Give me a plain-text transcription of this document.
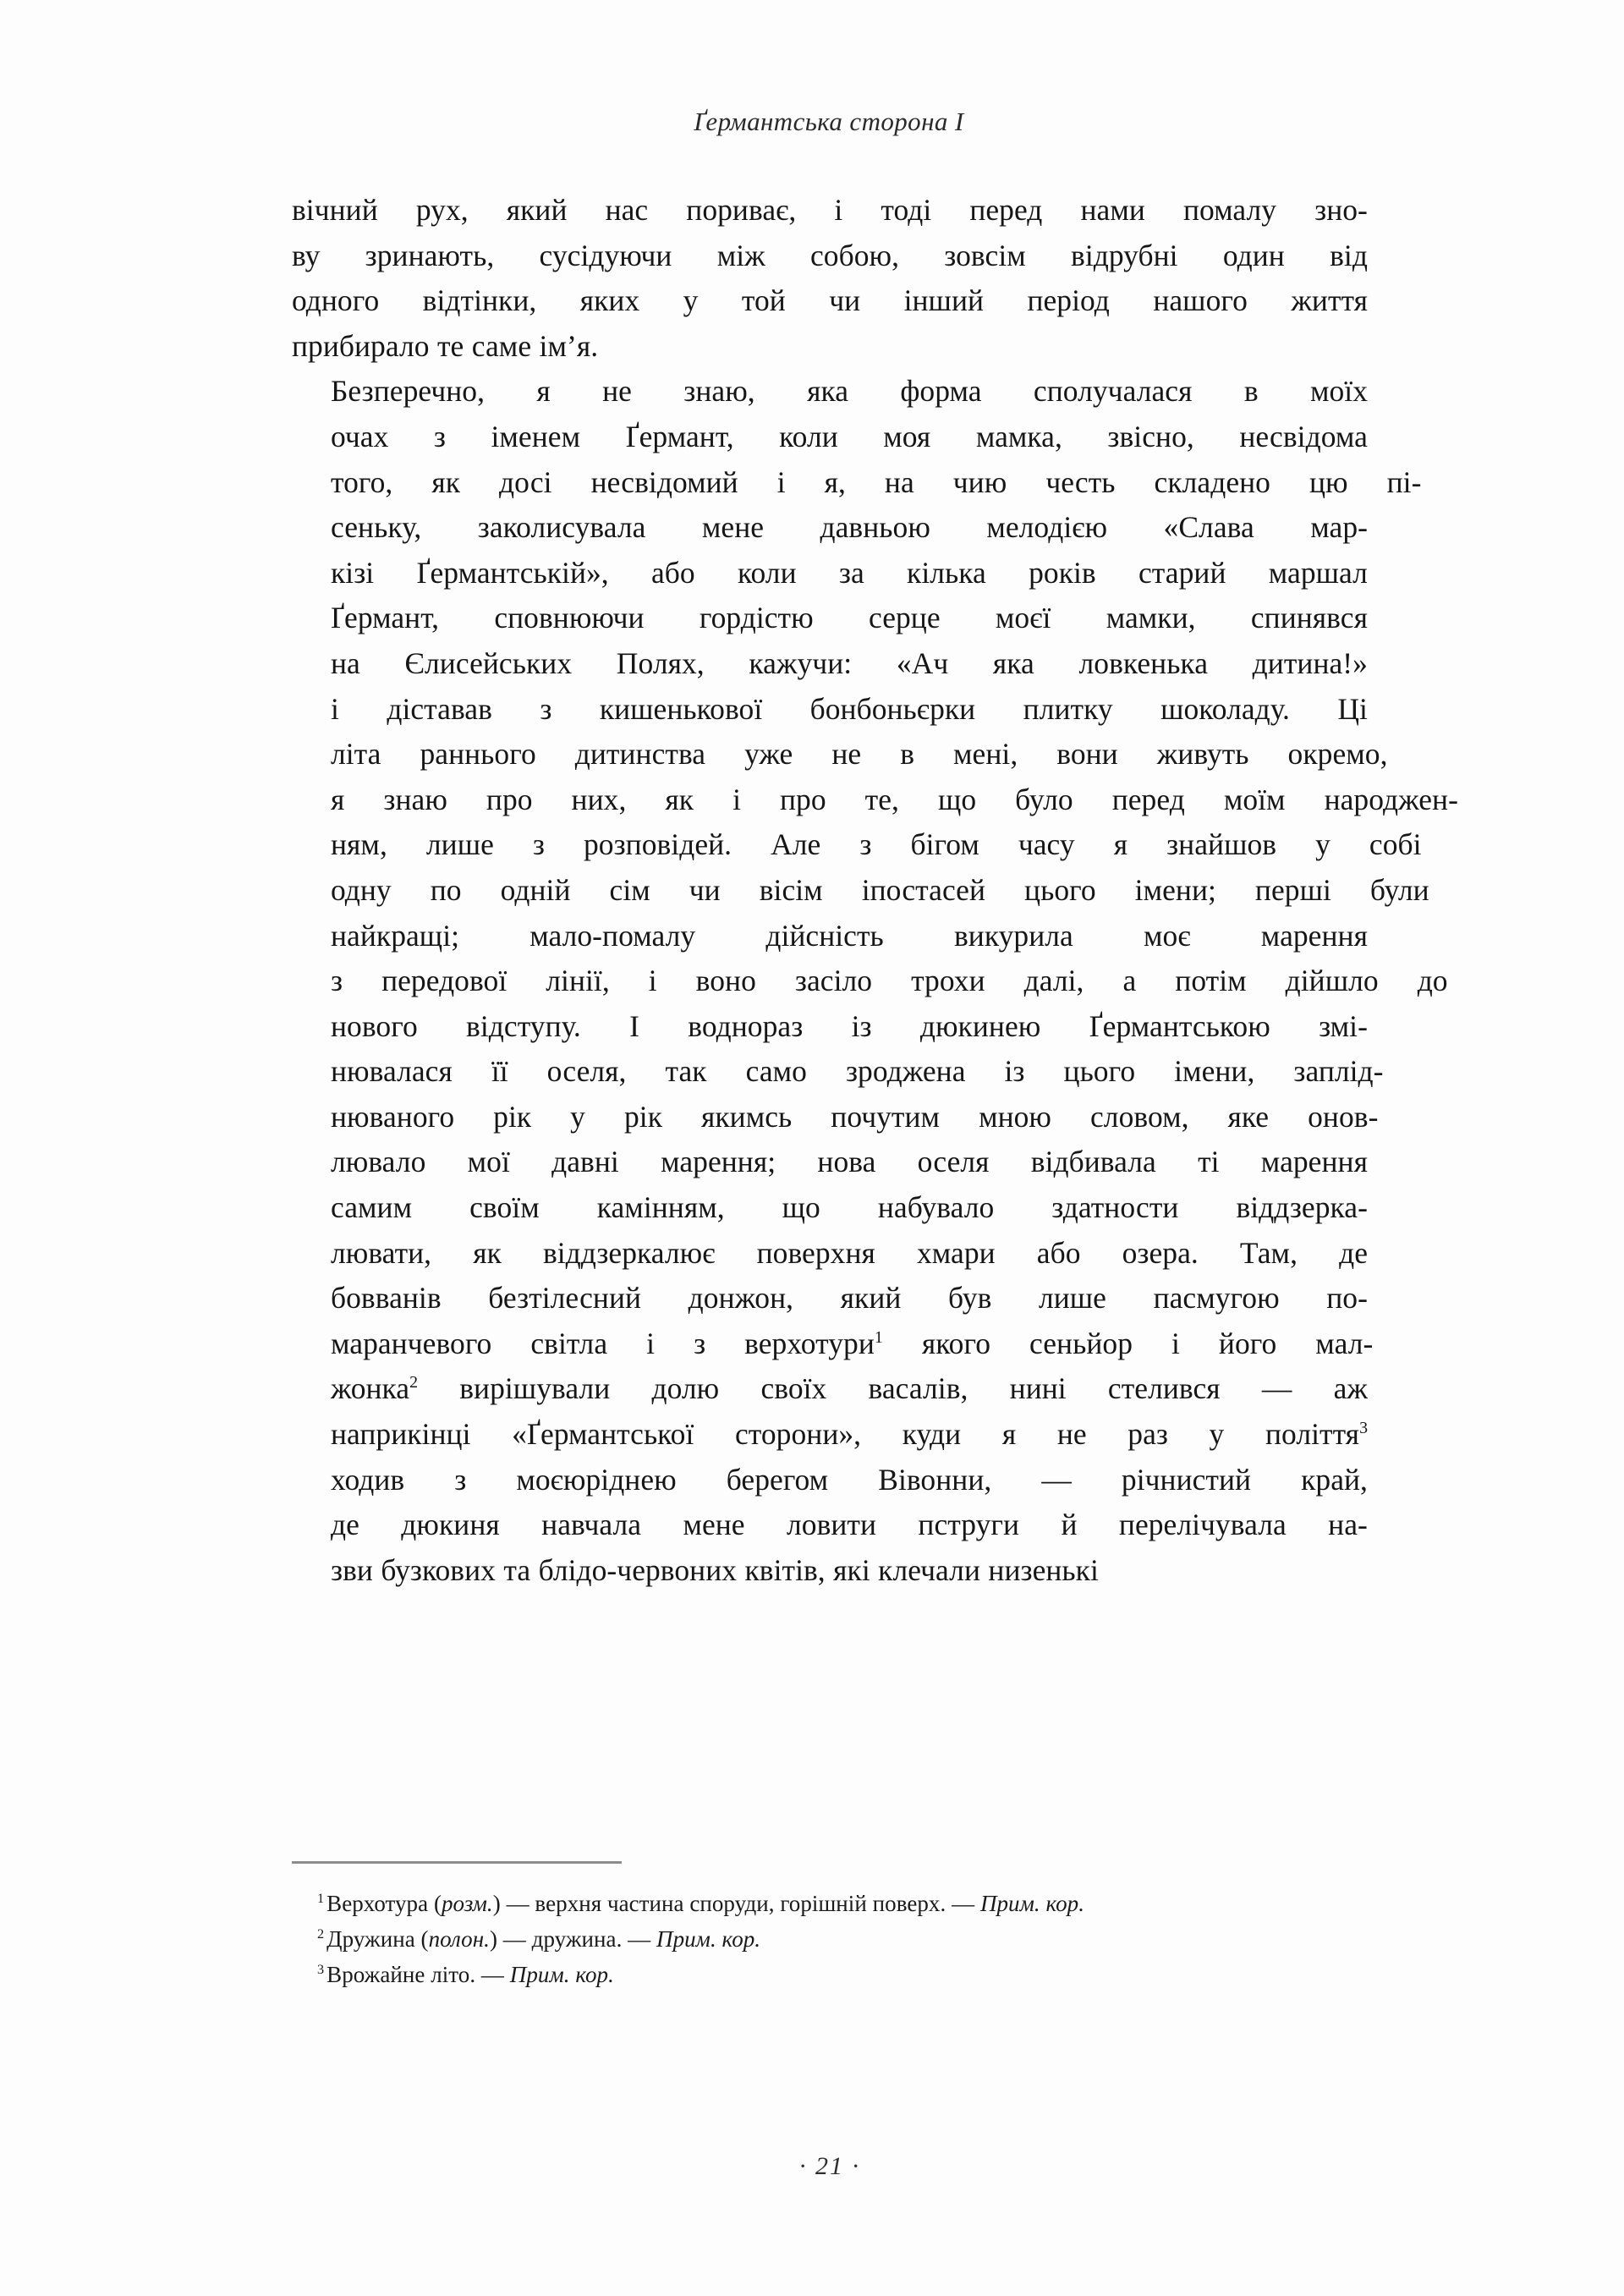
Ґермантська сторона I

вічний рух, який нас пориває, і тоді перед нами помалу зно-
ву зринають, сусідуючи між собою, зовсім відрубні один від
одного відтінки, яких у той чи інший період нашого життя
прибирало те саме ім’я.

Безперечно, я не знаю, яка форма сполучалася в моїх
очах	з	іменем	Ґермант,	коли	моя	мамка,	звісно,	несвідома
того,	як	досі	несвідомий	і	я,	на	чию	честь	складено	цю	пі-
сеньку,	заколисувала	мене	давньою	мелодією	«Слава	мар-
кізі	Ґермантській»,	або	коли	за	кілька	років	старий	маршал
Ґермант,	сповнюючи	гордістю	серце	моєї	мамки,	спинявся
на	Єлисейських	Полях,	кажучи:	«Ач	яка	ловкенька	дитина!»
і	діставав	з	кишенькової	бонбоньєрки	плитку	шоколаду.	Ці
літа	раннього	дитинства	уже	не	в	мені,	вони	живуть	окремо,
я	знаю	про	них,	як	і	про	те,	що	було	перед	моїм	народжен-
ням,	лише	з	розповідей.	Але	з	бігом	часу	я	знайшов	у	собі
одну	по	одній	сім	чи	вісім	іпостасей	цього	імени;	перші	були
найкращі;	мало-помалу	дійсність	викурила	моє	марення
з	передової	лінії,	і	воно	засіло	трохи	далі,	а	потім	дійшло	до
нового	відступу.	І	воднораз	із	дюкинею	Ґермантською	змі-
нювалася	її	оселя,	так	само	зроджена	із	цього	імени,	заплід-
нюваного	рік	у	рік	якимсь	почутим	мною	словом,	яке	онов-
лювало	мої	давні	марення;	нова	оселя	відбивала	ті	марення
самим	своїм	камінням,	що	набувало	здатности	віддзерка-
лювати,	як	віддзеркалює	поверхня	хмари	або	озера.	Там,	де
бовванів	безтілесний	донжон,	який	був	лише	пасмугою	по-
маранчевого	світла	і	з	верхотури$^1$	якого	сеньйор	і	його	мал-
жонка$^2$	вирішували	долю	своїх	васалів,	нині	стелився	—	аж
наприкінці	«Ґермантської	сторони»,	куди	я	не	раз	у	поліття$^3$
ходив	з	моєюріднею	берегом	Вівонни,	—	річнистий	край,
де	дюкиня	навчала	мене	ловити	пструги	й	перелічувала	на-
зви бузкових та блідо-червоних квітів, які клечали низенькі

$^1$ Верхотура (розм.) — верхня частина споруди, горішній поверх. — Прим. кор.

$^2$ Дружина (полон.) — дружина. — Прим. кор.

$^3$ Врожайне літо. — Прим. кор.

· 21 ·
